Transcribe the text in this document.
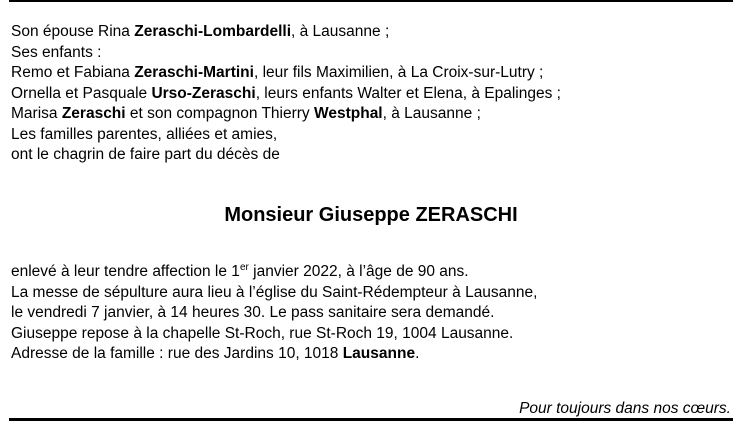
Son épouse Rina Zeraschi-Lombardelli, à Lausanne ;
Ses enfants :
Remo et Fabiana Zeraschi-Martini, leur fils Maximilien, à La Croix-sur-Lutry ;
Ornella et Pasquale Urso-Zeraschi, leurs enfants Walter et Elena, à Epalinges ;
Marisa Zeraschi et son compagnon Thierry Westphal, à Lausanne ;
Les familles parentes, alliées et amies,
ont le chagrin de faire part du décès de
Monsieur Giuseppe ZERASCHI
enlevé à leur tendre affection le 1er janvier 2022, à l’âge de 90 ans.
La messe de sépulture aura lieu à l’église du Saint-Rédempteur à Lausanne,
le vendredi 7 janvier, à 14 heures 30. Le pass sanitaire sera demandé.
Giuseppe repose à la chapelle St-Roch, rue St-Roch 19, 1004 Lausanne.
Adresse de la famille : rue des Jardins 10, 1018 Lausanne.
Pour toujours dans nos cœurs.
